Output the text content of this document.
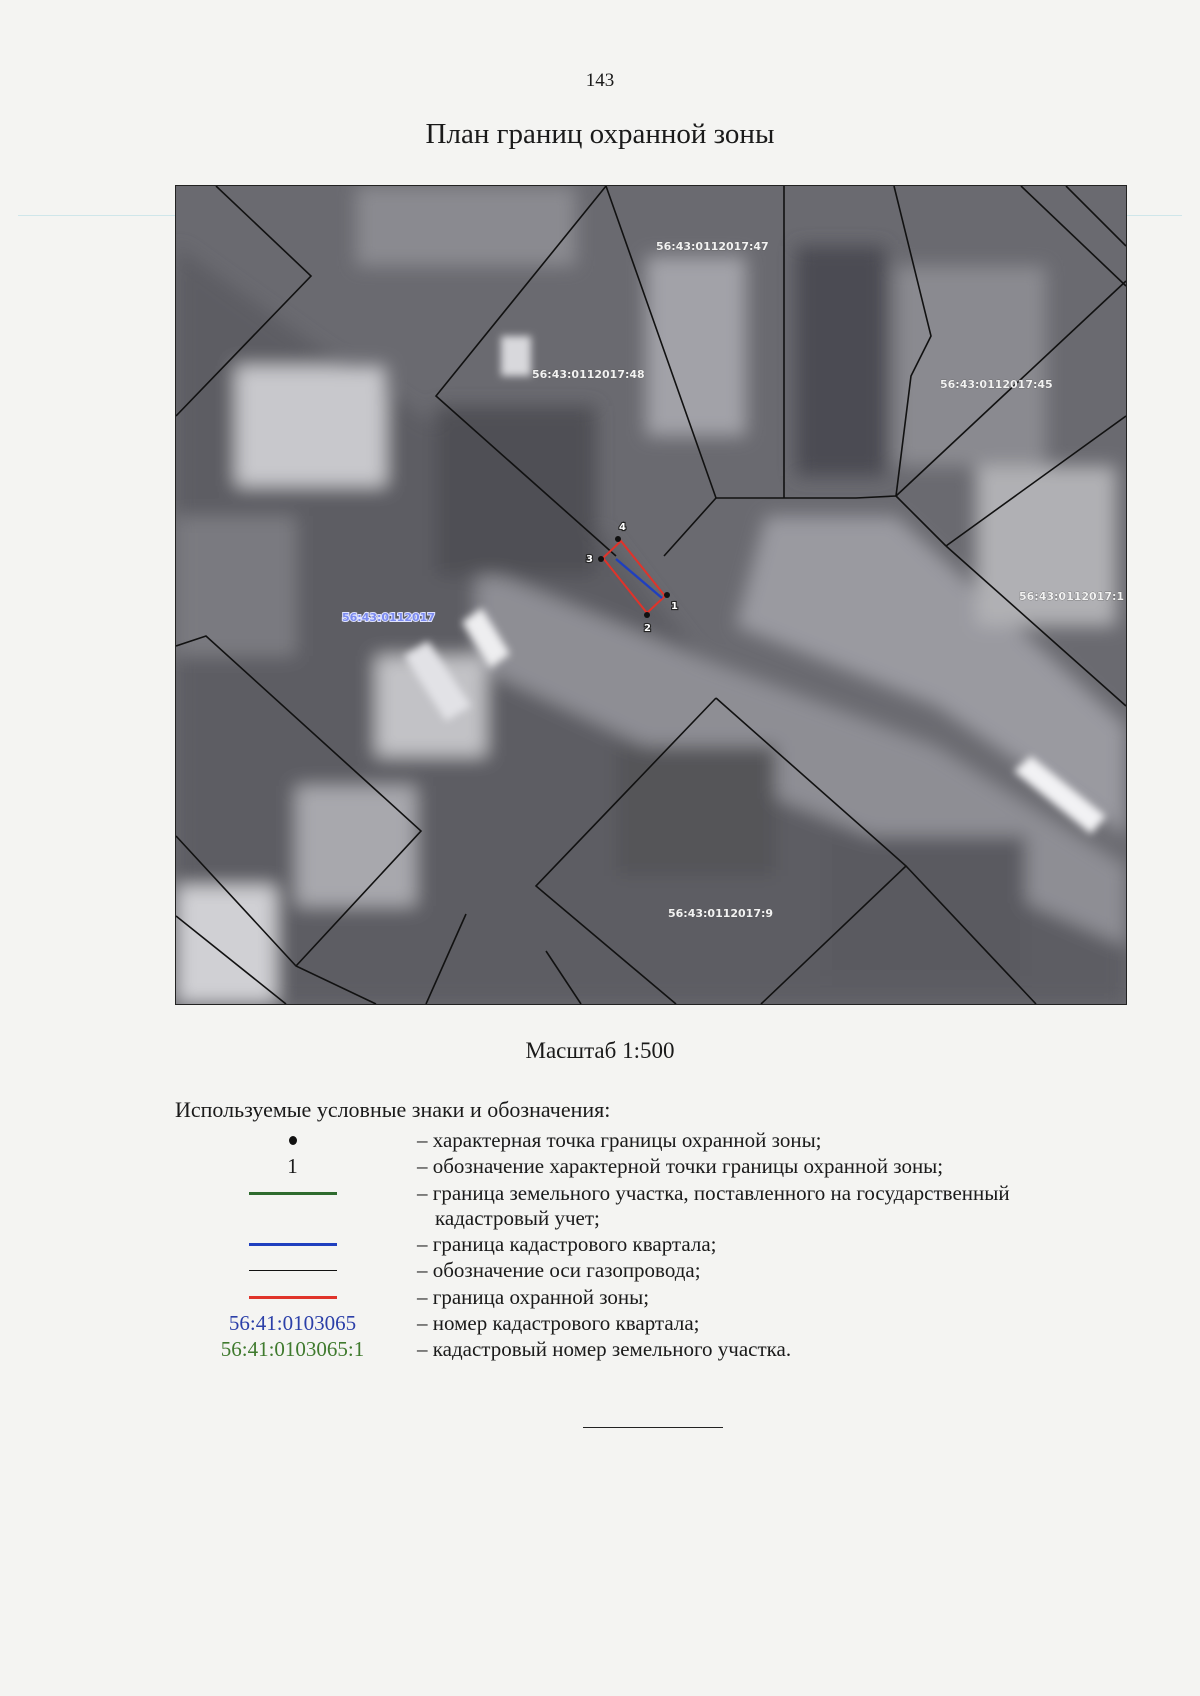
143
План границ охранной зоны
4
1
2
3
56:43:0112017:47
56:43:0112017:48
56:43:0112017:45
56:43:0112017:1
56:43:0112017:9
56:43:0112017
Масштаб 1:500
Используемые условные знаки и обозначения:
– характерная точка границы охранной зоны;
1	– обозначение характерной точки границы охранной зоны;
– граница земельного участка, поставленного на государственный
кадастровый учет;
– граница кадастрового квартала;
– обозначение оси газопровода;
– граница охранной зоны;
56:41:0103065	– номер кадастрового квартала;
56:41:0103065:1	– кадастровый номер земельного участка.
